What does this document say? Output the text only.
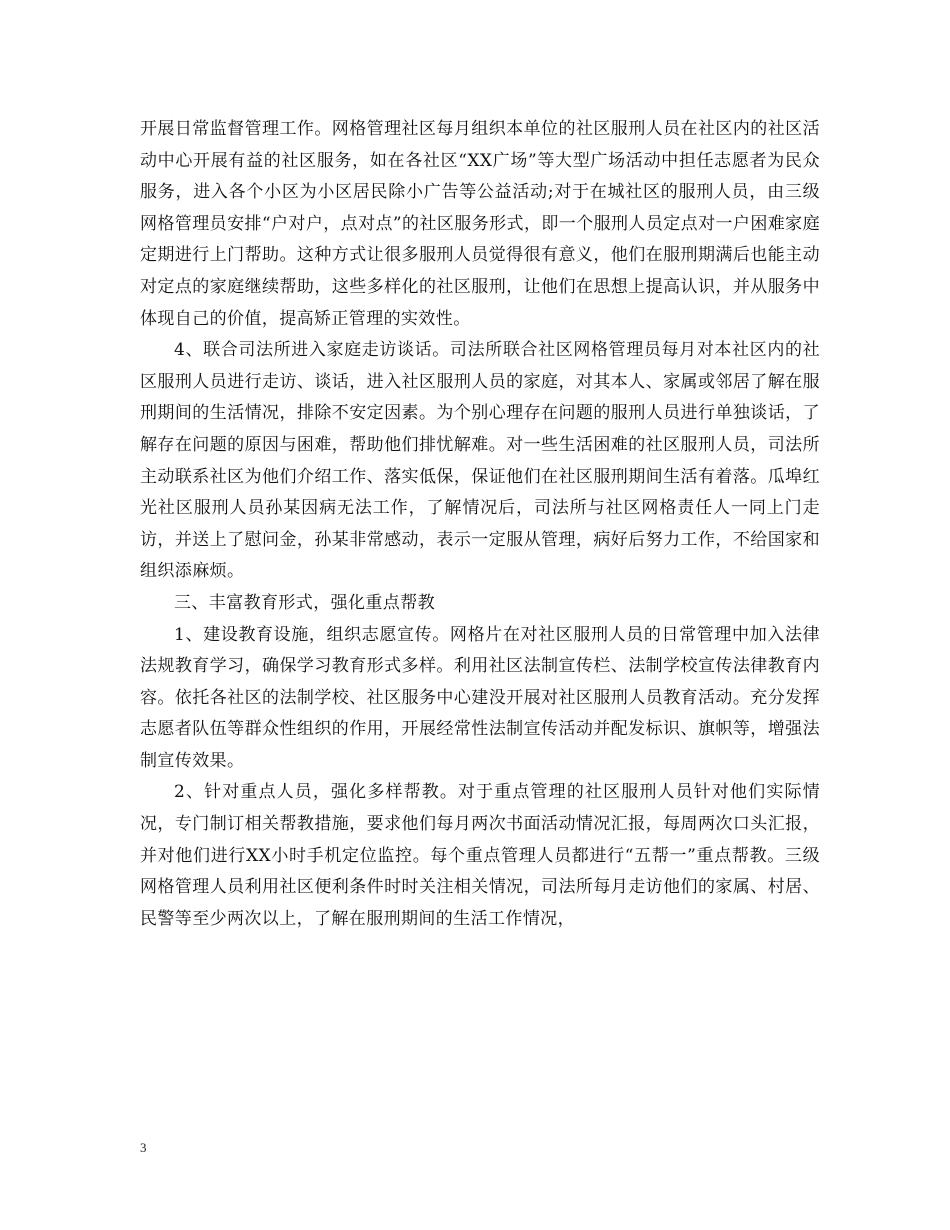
开展日常监督管理工作。网格管理社区每月组织本单位的社区服刑人员在社区内的社区活动中心开展有益的社区服务，如在各社区“XX广场”等大型广场活动中担任志愿者为民众服务，进入各个小区为小区居民除小广告等公益活动;对于在城社区的服刑人员，由三级网格管理员安排“户对户，点对点”的社区服务形式，即一个服刑人员定点对一户困难家庭定期进行上门帮助。这种方式让很多服刑人员觉得很有意义，他们在服刑期满后也能主动对定点的家庭继续帮助，这些多样化的社区服刑，让他们在思想上提高认识，并从服务中体现自己的价值，提高矫正管理的实效性。

4、联合司法所进入家庭走访谈话。司法所联合社区网格管理员每月对本社区内的社区服刑人员进行走访、谈话，进入社区服刑人员的家庭，对其本人、家属或邻居了解在服刑期间的生活情况，排除不安定因素。为个别心理存在问题的服刑人员进行单独谈话，了解存在问题的原因与困难，帮助他们排忧解难。对一些生活困难的社区服刑人员，司法所主动联系社区为他们介绍工作、落实低保，保证他们在社区服刑期间生活有着落。瓜埠红光社区服刑人员孙某因病无法工作，了解情况后，司法所与社区网格责任人一同上门走访，并送上了慰问金，孙某非常感动，表示一定服从管理，病好后努力工作，不给国家和组织添麻烦。

三、丰富教育形式，强化重点帮教

1、建设教育设施，组织志愿宣传。网格片在对社区服刑人员的日常管理中加入法律法规教育学习，确保学习教育形式多样。利用社区法制宣传栏、法制学校宣传法律教育内容。依托各社区的法制学校、社区服务中心建没开展对社区服刑人员教育活动。充分发挥志愿者队伍等群众性组织的作用，开展经常性法制宣传活动并配发标识、旗帜等，增强法制宣传效果。

2、针对重点人员，强化多样帮教。对于重点管理的社区服刑人员针对他们实际情况，专门制订相关帮教措施，要求他们每月两次书面活动情况汇报，每周两次口头汇报，并对他们进行XX小时手机定位监控。每个重点管理人员都进行“五帮一”重点帮教。三级网格管理人员利用社区便利条件时时关注相关情况，司法所每月走访他们的家属、村居、民警等至少两次以上，了解在服刑期间的生活工作情况，

3
